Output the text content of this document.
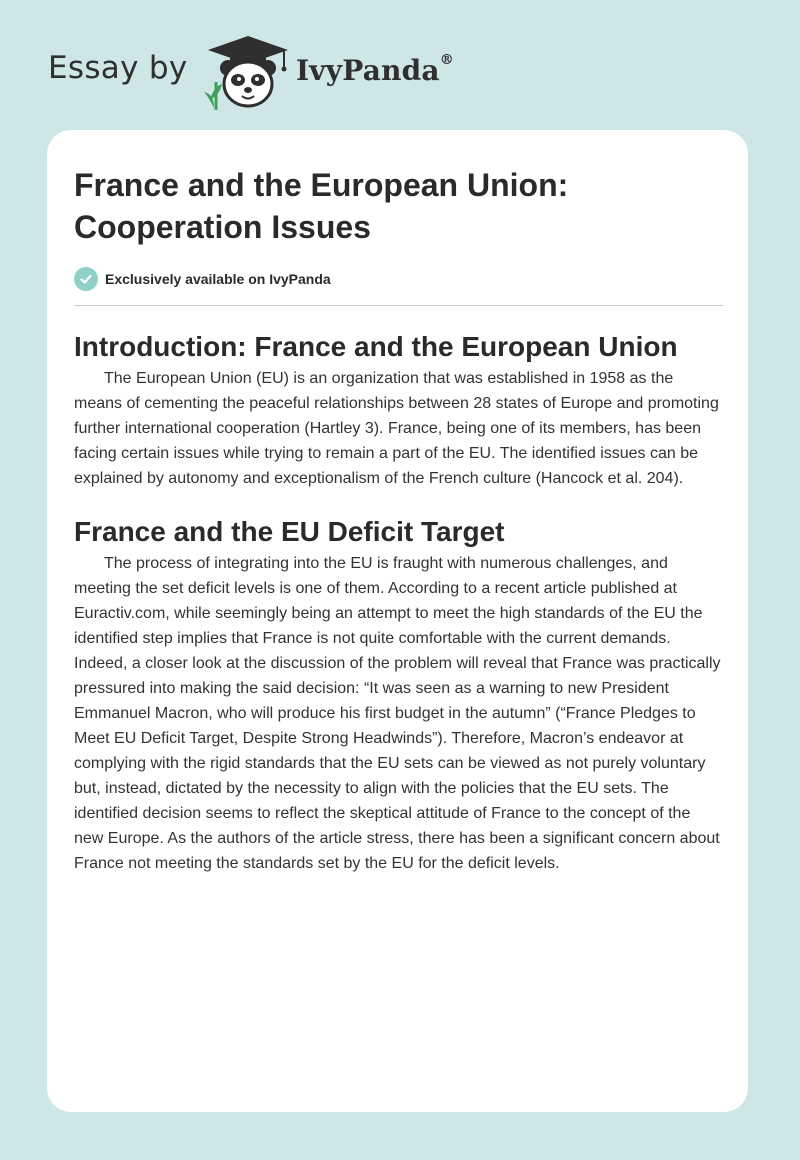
Essay by	IvyPanda®
France and the European Union: Cooperation Issues
Exclusively available on IvyPanda
Introduction: France and the European Union

The European Union (EU) is an organization that was established in 1958 as the means of cementing the peaceful relationships between 28 states of Europe and promoting further international cooperation (Hartley 3). France, being one of its members, has been facing certain issues while trying to remain a part of the EU. The identified issues can be explained by autonomy and exceptionalism of the French culture (Hancock et al. 204).

France and the EU Deficit Target

The process of integrating into the EU is fraught with numerous challenges, and meeting the set deficit levels is one of them. According to a recent article published at Euractiv.com, while seemingly being an attempt to meet the high standards of the EU the identified step implies that France is not quite comfortable with the current demands. Indeed, a closer look at the discussion of the problem will reveal that France was practically pressured into making the said decision: “It was seen as a warning to new President Emmanuel Macron, who will produce his first budget in the autumn” (“France Pledges to Meet EU Deficit Target, Despite Strong Headwinds”). Therefore, Macron’s endeavor at complying with the rigid standards that the EU sets can be viewed as not purely voluntary but, instead, dictated by the necessity to align with the policies that the EU sets. The identified decision seems to reflect the skeptical attitude of France to the concept of the new Europe. As the authors of the article stress, there has been a significant concern about France not meeting the standards set by the EU for the deficit levels.
